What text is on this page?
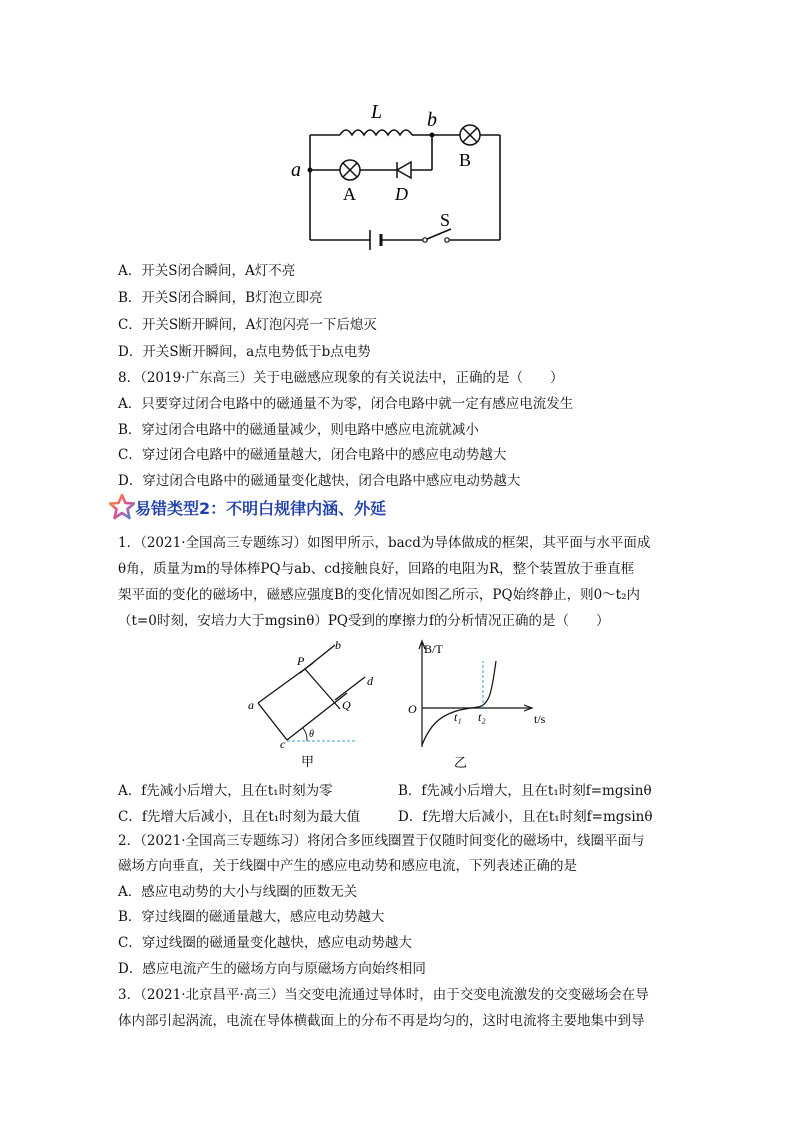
L b
a
A D
B
S
A．开关S闭合瞬间，A灯不亮
B．开关S闭合瞬间，B灯泡立即亮
C．开关S断开瞬间，A灯泡闪亮一下后熄灭
D．开关S断开瞬间，a点电势低于b点电势
8．（2019·广东高三）关于电磁感应现象的有关说法中，正确的是（　　）
A．只要穿过闭合电路中的磁通量不为零，闭合电路中就一定有感应电流发生
B．穿过闭合电路中的磁通量减少，则电路中感应电流就减小
C．穿过闭合电路中的磁通量越大，闭合电路中的感应电动势越大
D．穿过闭合电路中的磁通量变化越快，闭合电路中感应电动势越大
易错类型2：不明白规律内涵、外延
1．（2021·全国高三专题练习）如图甲所示，bacd为导体做成的框架，其平面与水平面成
θ角，质量为m的导体棒PQ与ab、cd接触良好，回路的电阻为R，整个装置放于垂直框
架平面的变化的磁场中，磁感应强度B的变化情况如图乙所示，PQ始终静止，则0～t₂内
（t=0时刻，安培力大于mgsinθ）PQ受到的摩擦力f的分析情况正确的是（　　）
P
b
d
a	Q
c
θ
甲
B/T
t/s
O
t₁ t₂
乙
A．f先减小后增大，且在t₁时刻为零	B．f先减小后增大，且在t₁时刻f=mgsinθ
C．f先增大后减小，且在t₁时刻为最大值	D．f先增大后减小，且在t₁时刻f=mgsinθ
2．（2021·全国高三专题练习）将闭合多匝线圈置于仅随时间变化的磁场中，线圈平面与
磁场方向垂直，关于线圈中产生的感应电动势和感应电流，下列表述正确的是
A．感应电动势的大小与线圈的匝数无关
B．穿过线圈的磁通量越大，感应电动势越大
C．穿过线圈的磁通量变化越快，感应电动势越大
D．感应电流产生的磁场方向与原磁场方向始终相同
3．（2021·北京昌平·高三）当交变电流通过导体时，由于交变电流激发的交变磁场会在导
体内部引起涡流，电流在导体横截面上的分布不再是均匀的，这时电流将主要地集中到导
